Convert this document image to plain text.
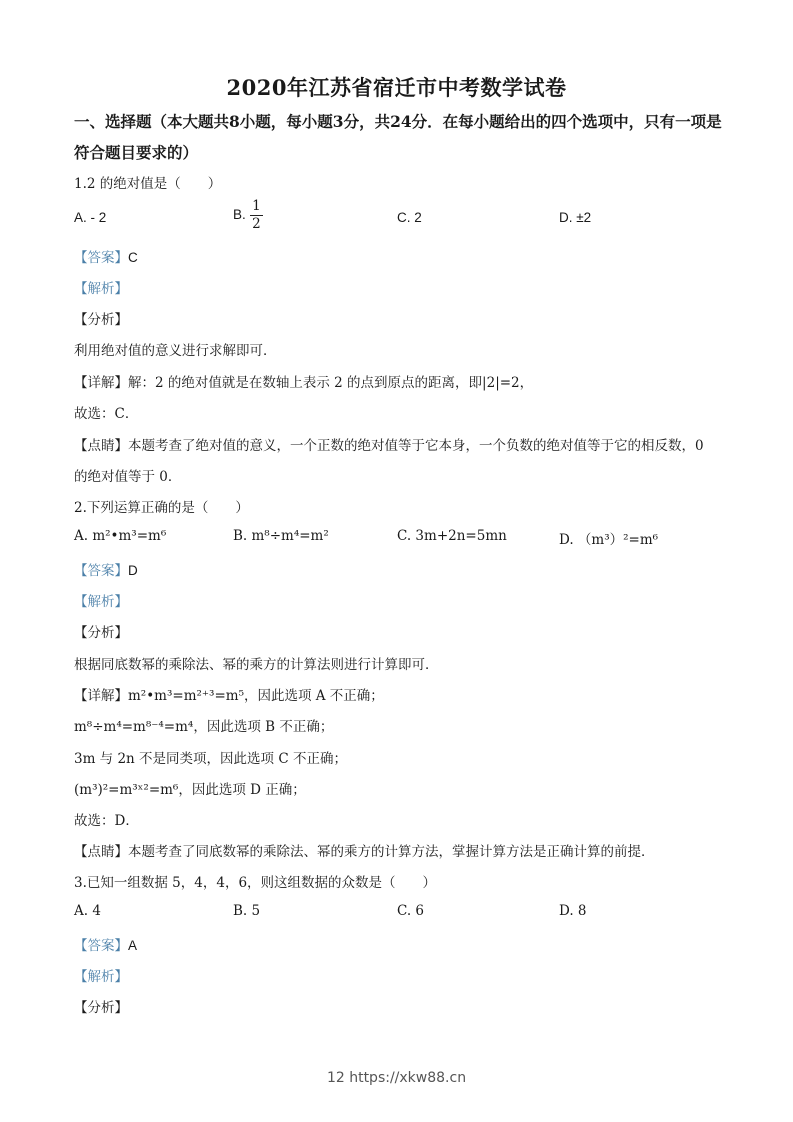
2020年江苏省宿迁市中考数学试卷
一、选择题（本大题共8小题，每小题3分，共24分．在每小题给出的四个选项中，只有一项是符合题目要求的）
1.2 的绝对值是（　　）
A. - 2	B. $\frac{1}{2}$	C. 2	D. ±2
【答案】C
【解析】
【分析】
利用绝对值的意义进行求解即可．
【详解】解：2 的绝对值就是在数轴上表示 2 的点到原点的距离，即|2|=2，
故选：C．
【点睛】本题考查了绝对值的意义，一个正数的绝对值等于它本身，一个负数的绝对值等于它的相反数，0
的绝对值等于 0．
2.下列运算正确的是（　　）
A. m²•m³=m⁶	B. m⁸÷m⁴=m²	C. 3m+2n=5mn	D. （m³）²=m⁶
【答案】D
【解析】
【分析】
根据同底数幂的乘除法、幂的乘方的计算法则进行计算即可．
【详解】m²•m³=m²⁺³=m⁵，因此选项 A 不正确；
m⁸÷m⁴=m⁸⁻⁴=m⁴，因此选项 B 不正确；
3m 与 2n 不是同类项，因此选项 C 不正确；
(m³)²=m³ˣ²=m⁶，因此选项 D 正确；
故选：D．
【点睛】本题考查了同底数幂的乘除法、幂的乘方的计算方法，掌握计算方法是正确计算的前提．
3.已知一组数据 5，4，4，6，则这组数据的众数是（　　）
A. 4	B. 5	C. 6	D. 8
【答案】A
【解析】
【分析】
12 https://xkw88.cn
